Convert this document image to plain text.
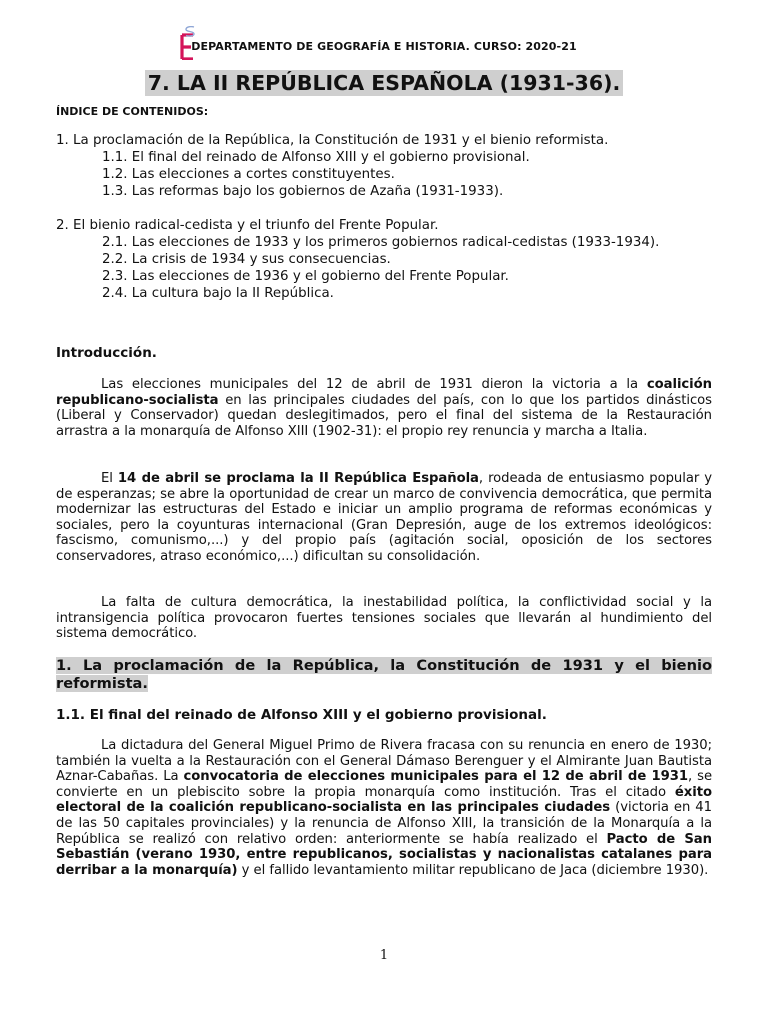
DEPARTAMENTO DE GEOGRAFÍA E HISTORIA. CURSO: 2020-21
7. LA II REPÚBLICA ESPAÑOLA (1931-36).
ÍNDICE DE CONTENIDOS:
1. La proclamación de la República, la Constitución de 1931 y el bienio reformista.
1.1. El final del reinado de Alfonso XIII y el gobierno provisional.
1.2. Las elecciones a cortes constituyentes.
1.3. Las reformas bajo los gobiernos de Azaña (1931-1933).
2. El bienio radical-cedista y el triunfo del Frente Popular.
2.1. Las elecciones de 1933 y los primeros gobiernos radical-cedistas (1933-1934).
2.2. La crisis de 1934 y sus consecuencias.
2.3. Las elecciones de 1936 y el gobierno del Frente Popular.
2.4. La cultura bajo la II República.
Introducción.
Las elecciones municipales del 12 de abril de 1931 dieron la victoria a la coalición republicano-socialista en las principales ciudades del país, con lo que los partidos dinásticos (Liberal y Conservador) quedan deslegitimados, pero el final del sistema de la Restauración arrastra a la monarquía de Alfonso XIII (1902-31): el propio rey renuncia y marcha a Italia.
El 14 de abril se proclama la II República Española, rodeada de entusiasmo popular y de esperanzas; se abre la oportunidad de crear un marco de convivencia democrática, que permita modernizar las estructuras del Estado e iniciar un amplio programa de reformas económicas y sociales, pero la coyunturas internacional (Gran Depresión, auge de los extremos ideológicos: fascismo, comunismo,...) y del propio país (agitación social, oposición de los sectores conservadores, atraso económico,...) dificultan su consolidación.
La falta de cultura democrática, la inestabilidad política, la conflictividad social y la intransigencia política provocaron fuertes tensiones sociales que llevarán al hundimiento del sistema democrático.
1. La proclamación de la República, la Constitución de 1931 y el bienio reformista.
1.1. El final del reinado de Alfonso XIII y el gobierno provisional.
La dictadura del General Miguel Primo de Rivera fracasa con su renuncia en enero de 1930; también la vuelta a la Restauración con el General Dámaso Berenguer y el Almirante Juan Bautista Aznar-Cabañas. La convocatoria de elecciones municipales para el 12 de abril de 1931, se convierte en un plebiscito sobre la propia monarquía como institución. Tras el citado éxito electoral de la coalición republicano-socialista en las principales ciudades (victoria en 41 de las 50 capitales provinciales) y la renuncia de Alfonso XIII, la transición de la Monarquía a la República se realizó con relativo orden: anteriormente se había realizado el Pacto de San Sebastián (verano 1930, entre republicanos, socialistas y nacionalistas catalanes para derribar a la monarquía) y el fallido levantamiento militar republicano de Jaca (diciembre 1930).
1
